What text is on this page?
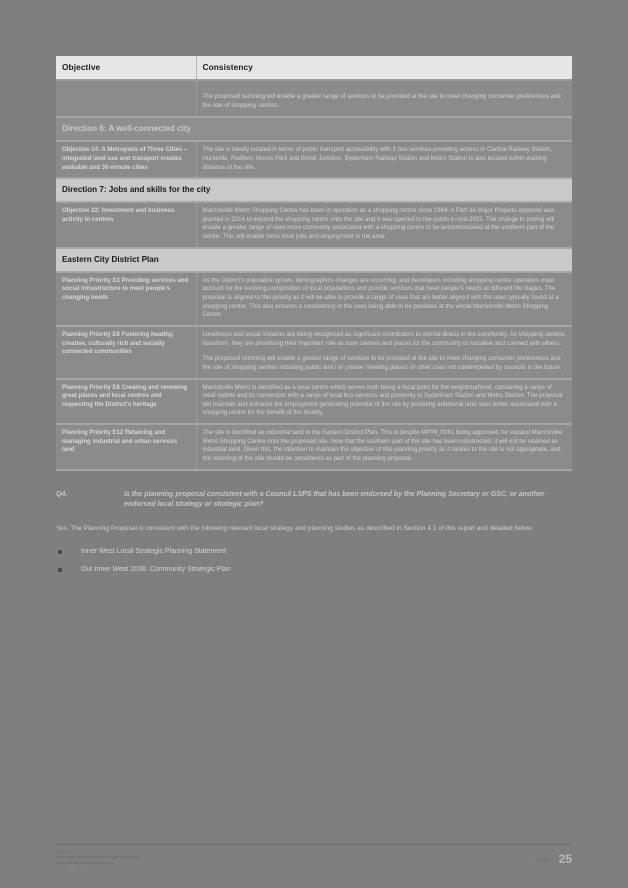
Objective	Consistency
	The proposed rezoning will enable a greater range of services to be provided at the site to meet changing consumer preferences and the role of shopping centres.
Direction 6: A well-connected city	
Objective 14: A Metropolis of Three Cities – integrated land use and transport creates walkable and 30-minute cities	The site is ideally located in terms of public transport accessibility with 3 bus services providing access to Central Railway Station, Hurstville, Redfern, Moore Park and Bondi Junction. Sydenham Railway Station and Metro Station is also located within walking distance of the site.

Direction 7: Jobs and skills for the city	
Objective 22: Investment and business activity in centres	Marrickville Metro Shopping Centre has been in operation as a shopping centre since 1984. A Part 3A Major Projects Approval was granted in 2014 to expand the shopping centre onto the site and it was opened to the public in mid-2021. The change in zoning will enable a greater range of uses more commonly associated with a shopping centre to be accommodated at the southern part of the centre. This will enable more local jobs and employment in the area.

Eastern City District Plan	
Planning Priority E3 Providing services and social infrastructure to meet people's changing needs	As the District's population grows, demographics changes are occurring, and developers including shopping centre operators must account for the evolving composition of local populations and provide services that meet people's needs at different life stages. The proposal is aligned to this priority as it will be able to provide a range of uses that are better aligned with the uses typically found at a shopping centre. This also ensures a consistency in the uses being able to be provided at the whole Marrickville Metro Shopping Centre.

Planning Priority E6 Fostering healthy, creative, culturally rich and socially connected communities	Loneliness and social isolation are being recognised as significant contributors to mental illness in the community. As shopping centres transform, they are prioritising their important role as town centres and places for the community to socialise and connect with others.

The proposed rezoning will enable a greater range of services to be provided at the site to meet changing consumer preferences and the role of shopping centres including public and / or private 'meeting places' or other uses not contemplated by councils in the future.

Planning Priority E6 Creating and renewing great places and local centres and respecting the District's heritage	Marrickville Metro is identified as a local centre which serves both being a focal point for the neighbourhood, containing a range of retail outlets and its connection with a range of local bus services and proximity to Sydenham Station and Metro Station. The proposal will maintain and enhance the employment generating potential of the site by providing additional land uses better associated with a shopping centre for the benefit of the locality.

Planning Priority E12 Retaining and managing industrial and urban services land	The site is identified as industrial land in the Eastern District Plan. This is despite MP09_0161 being approved, for expand Marrickville Metro Shopping Centre onto the proposed site. Now that the southern part of the site has been constructed, it will not be retained as industrial land. Given this, the intention to maintain the objective of this planning priority as it relates to the site is not appropriate, and the rezoning of the site should be considered as part of the planning proposal.

Q4.	Is the planning proposal consistent with a Council LSPS that has been endorsed by the Planning Secretary or GSC, or another endorsed local strategy or strategic plan?
Yes. The Planning Proposal is consistent with the following relevant local strategy and planning studies as described in Section 4.1 of this report and detailed below:
Inner West Local Strategic Planning Statement
Our Inner West 2036: Community Strategic Plan
21232
marrickville metro shopping centre planning proposal
2021_planning proposal report.docx
mecone 25
